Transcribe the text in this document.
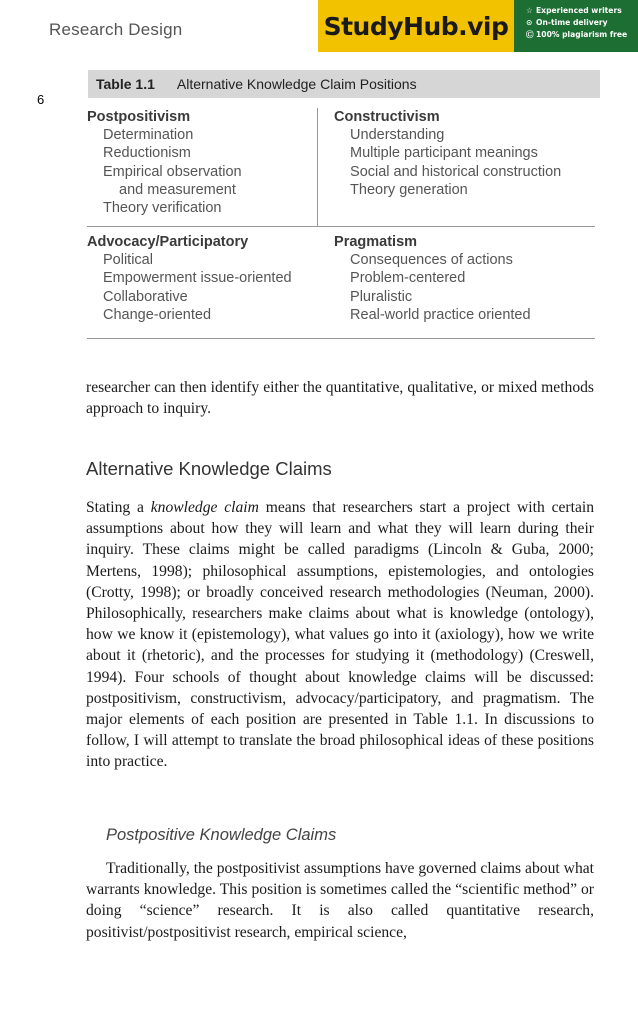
Research Design
6
StudyHub.vip
☆ Experienced writers
⊙ On-time delivery
Ⓒ 100% plagiarism free
Table 1.1 Alternative Knowledge Claim Positions
Postpositivism
Determination
Reductionism
Empirical observation
and measurement
Theory verification
Constructivism
Understanding
Multiple participant meanings
Social and historical construction
Theory generation
Advocacy/Participatory
Political
Empowerment issue-oriented
Collaborative
Change-oriented
Pragmatism
Consequences of actions
Problem-centered
Pluralistic
Real-world practice oriented

researcher can then identify either the quantitative, qualitative, or mixed methods approach to inquiry.

Alternative Knowledge Claims

Stating a knowledge claim means that researchers start a project with certain assumptions about how they will learn and what they will learn during their inquiry. These claims might be called paradigms (Lincoln & Guba, 2000; Mertens, 1998); philosophical assumptions, epistemologies, and ontologies (Crotty, 1998); or broadly conceived research methodologies (Neuman, 2000). Philosophically, researchers make claims about what is knowledge (ontology), how we know it (epistemology), what values go into it (axiology), how we write about it (rhetoric), and the processes for studying it (methodology) (Creswell, 1994). Four schools of thought about knowledge claims will be discussed: postpositivism, constructivism, advocacy/participatory, and pragmatism. The major elements of each position are presented in Table 1.1. In discussions to follow, I will attempt to translate the broad philosophical ideas of these positions into practice.

Postpositive Knowledge Claims

Traditionally, the postpositivist assumptions have governed claims about what warrants knowledge. This position is sometimes called the “scientific method” or doing “science” research. It is also called quantitative research, positivist/postpositivist research, empirical science,
